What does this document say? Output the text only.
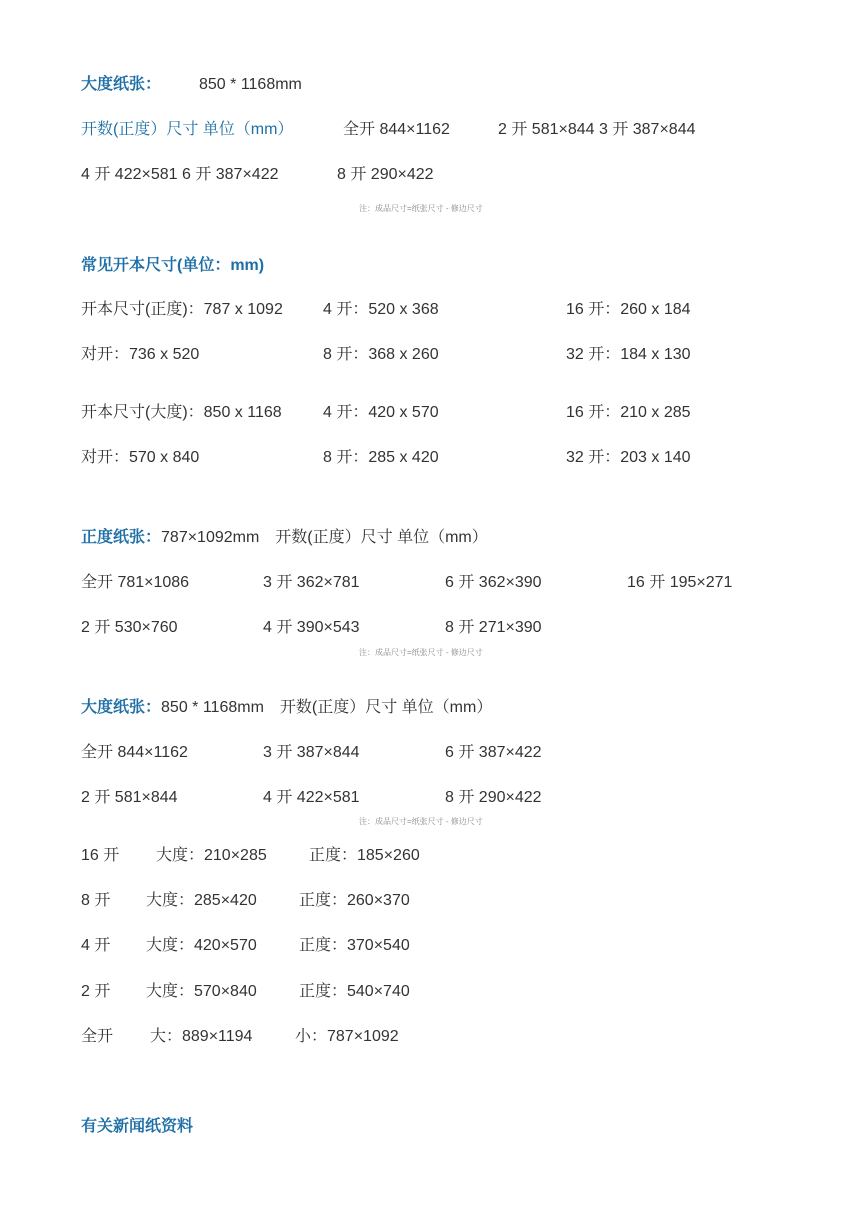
大度纸张： 850 * 1168mm
开数(正度）尺寸 单位（mm）	全开 844×1162	2 开 581×844 3 开 387×844
4 开 422×581 6 开 387×422	8 开 290×422
注：成品尺寸=纸张尺寸 - 修边尺寸
常见开本尺寸(单位：mm)
开本尺寸(正度)：787 x 1092	4 开：520 x 368	16 开：260 x 184
对开：736 x 520	8 开：368 x 260	32 开：184 x 130
开本尺寸(大度)：850 x 1168	4 开：420 x 570	16 开：210 x 285
对开：570 x 840	8 开：285 x 420	32 开：203 x 140
正度纸张：787×1092mm　开数(正度）尺寸 单位（mm）
全开 781×1086	3 开 362×781	6 开 362×390	16 开 195×271
2 开 530×760	4 开 390×543	8 开 271×390
注：成品尺寸=纸张尺寸 - 修边尺寸
大度纸张：850 * 1168mm　开数(正度）尺寸 单位（mm）
全开 844×1162	3 开 387×844	6 开 387×422
2 开 581×844	4 开 422×581	8 开 290×422
注：成品尺寸=纸张尺寸 - 修边尺寸
16 开 大度：210×285	正度：185×260
8 开 大度：285×420	正度：260×370
4 开 大度：420×570	正度：370×540
2 开 大度：570×840	正度：540×740
全开 大：889×1194	小：787×1092
有关新闻纸资料
